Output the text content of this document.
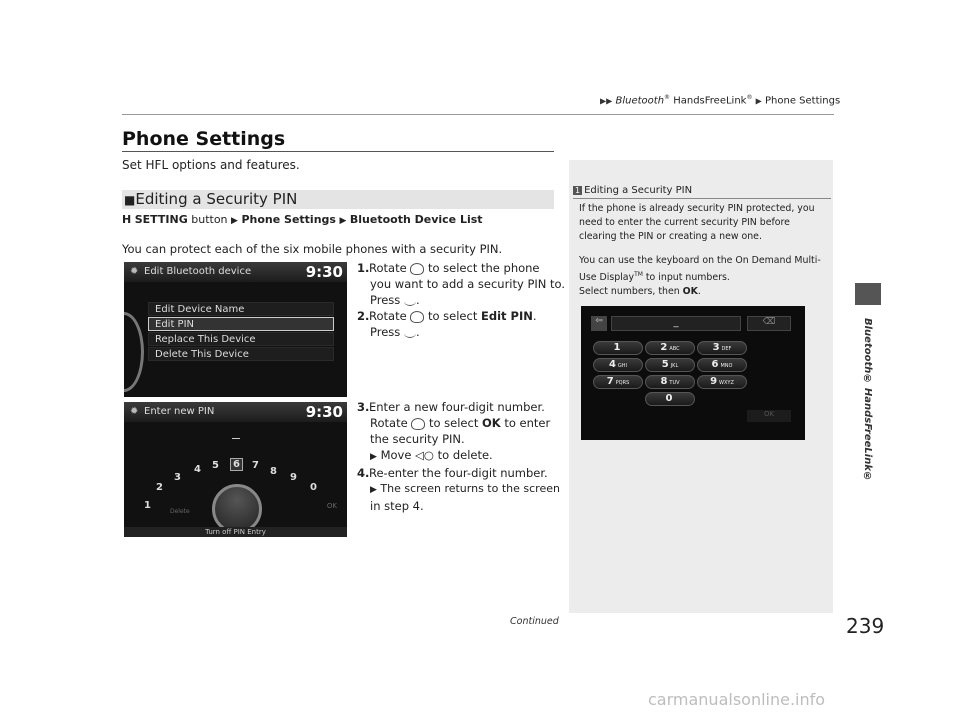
▶▶ Bluetooth® HandsFreeLink® ▶ Phone Settings
Phone Settings
Set HFL options and features.
■Editing a Security PIN
H SETTING button ▶ Phone Settings ▶ Bluetooth Device List
You can protect each of the six mobile phones with a security PIN.
✹ Edit Bluetooth device	9:30
Edit Device Name
Edit PIN
Replace This Device
Delete This Device
✹ Enter new PIN	9:30
1
2
3
4 5	6	7
8
9
0
Delete
OK
Turn off PIN Entry
1.Rotate to select the phone
you want to add a security PIN to.
Press .
2.Rotate to select Edit PIN.
Press .
3.Enter a new four-digit number.
Rotate to select OK to enter
the security PIN.
▶ Move ◁○ to delete.
4.Re-enter the four-digit number.
▶ The screen returns to the screen
in step 4.
1 Editing a Security PIN

If the phone is already security PIN protected, you need to enter the current security PIN before clearing the PIN or creating a new one.

You can use the keyboard on the On Demand Multi-Use Display™ to input numbers.

Select numbers, then OK.

⇦	_	⌫
1	2 ABC	3 DEF
4 GHI	5 JKL	6 MNO
7 PQRS	8 TUV	9 WXYZ
0
OK	Bluetooth® HandsFreeLink®
Continued	239
carmanualsonline.info
